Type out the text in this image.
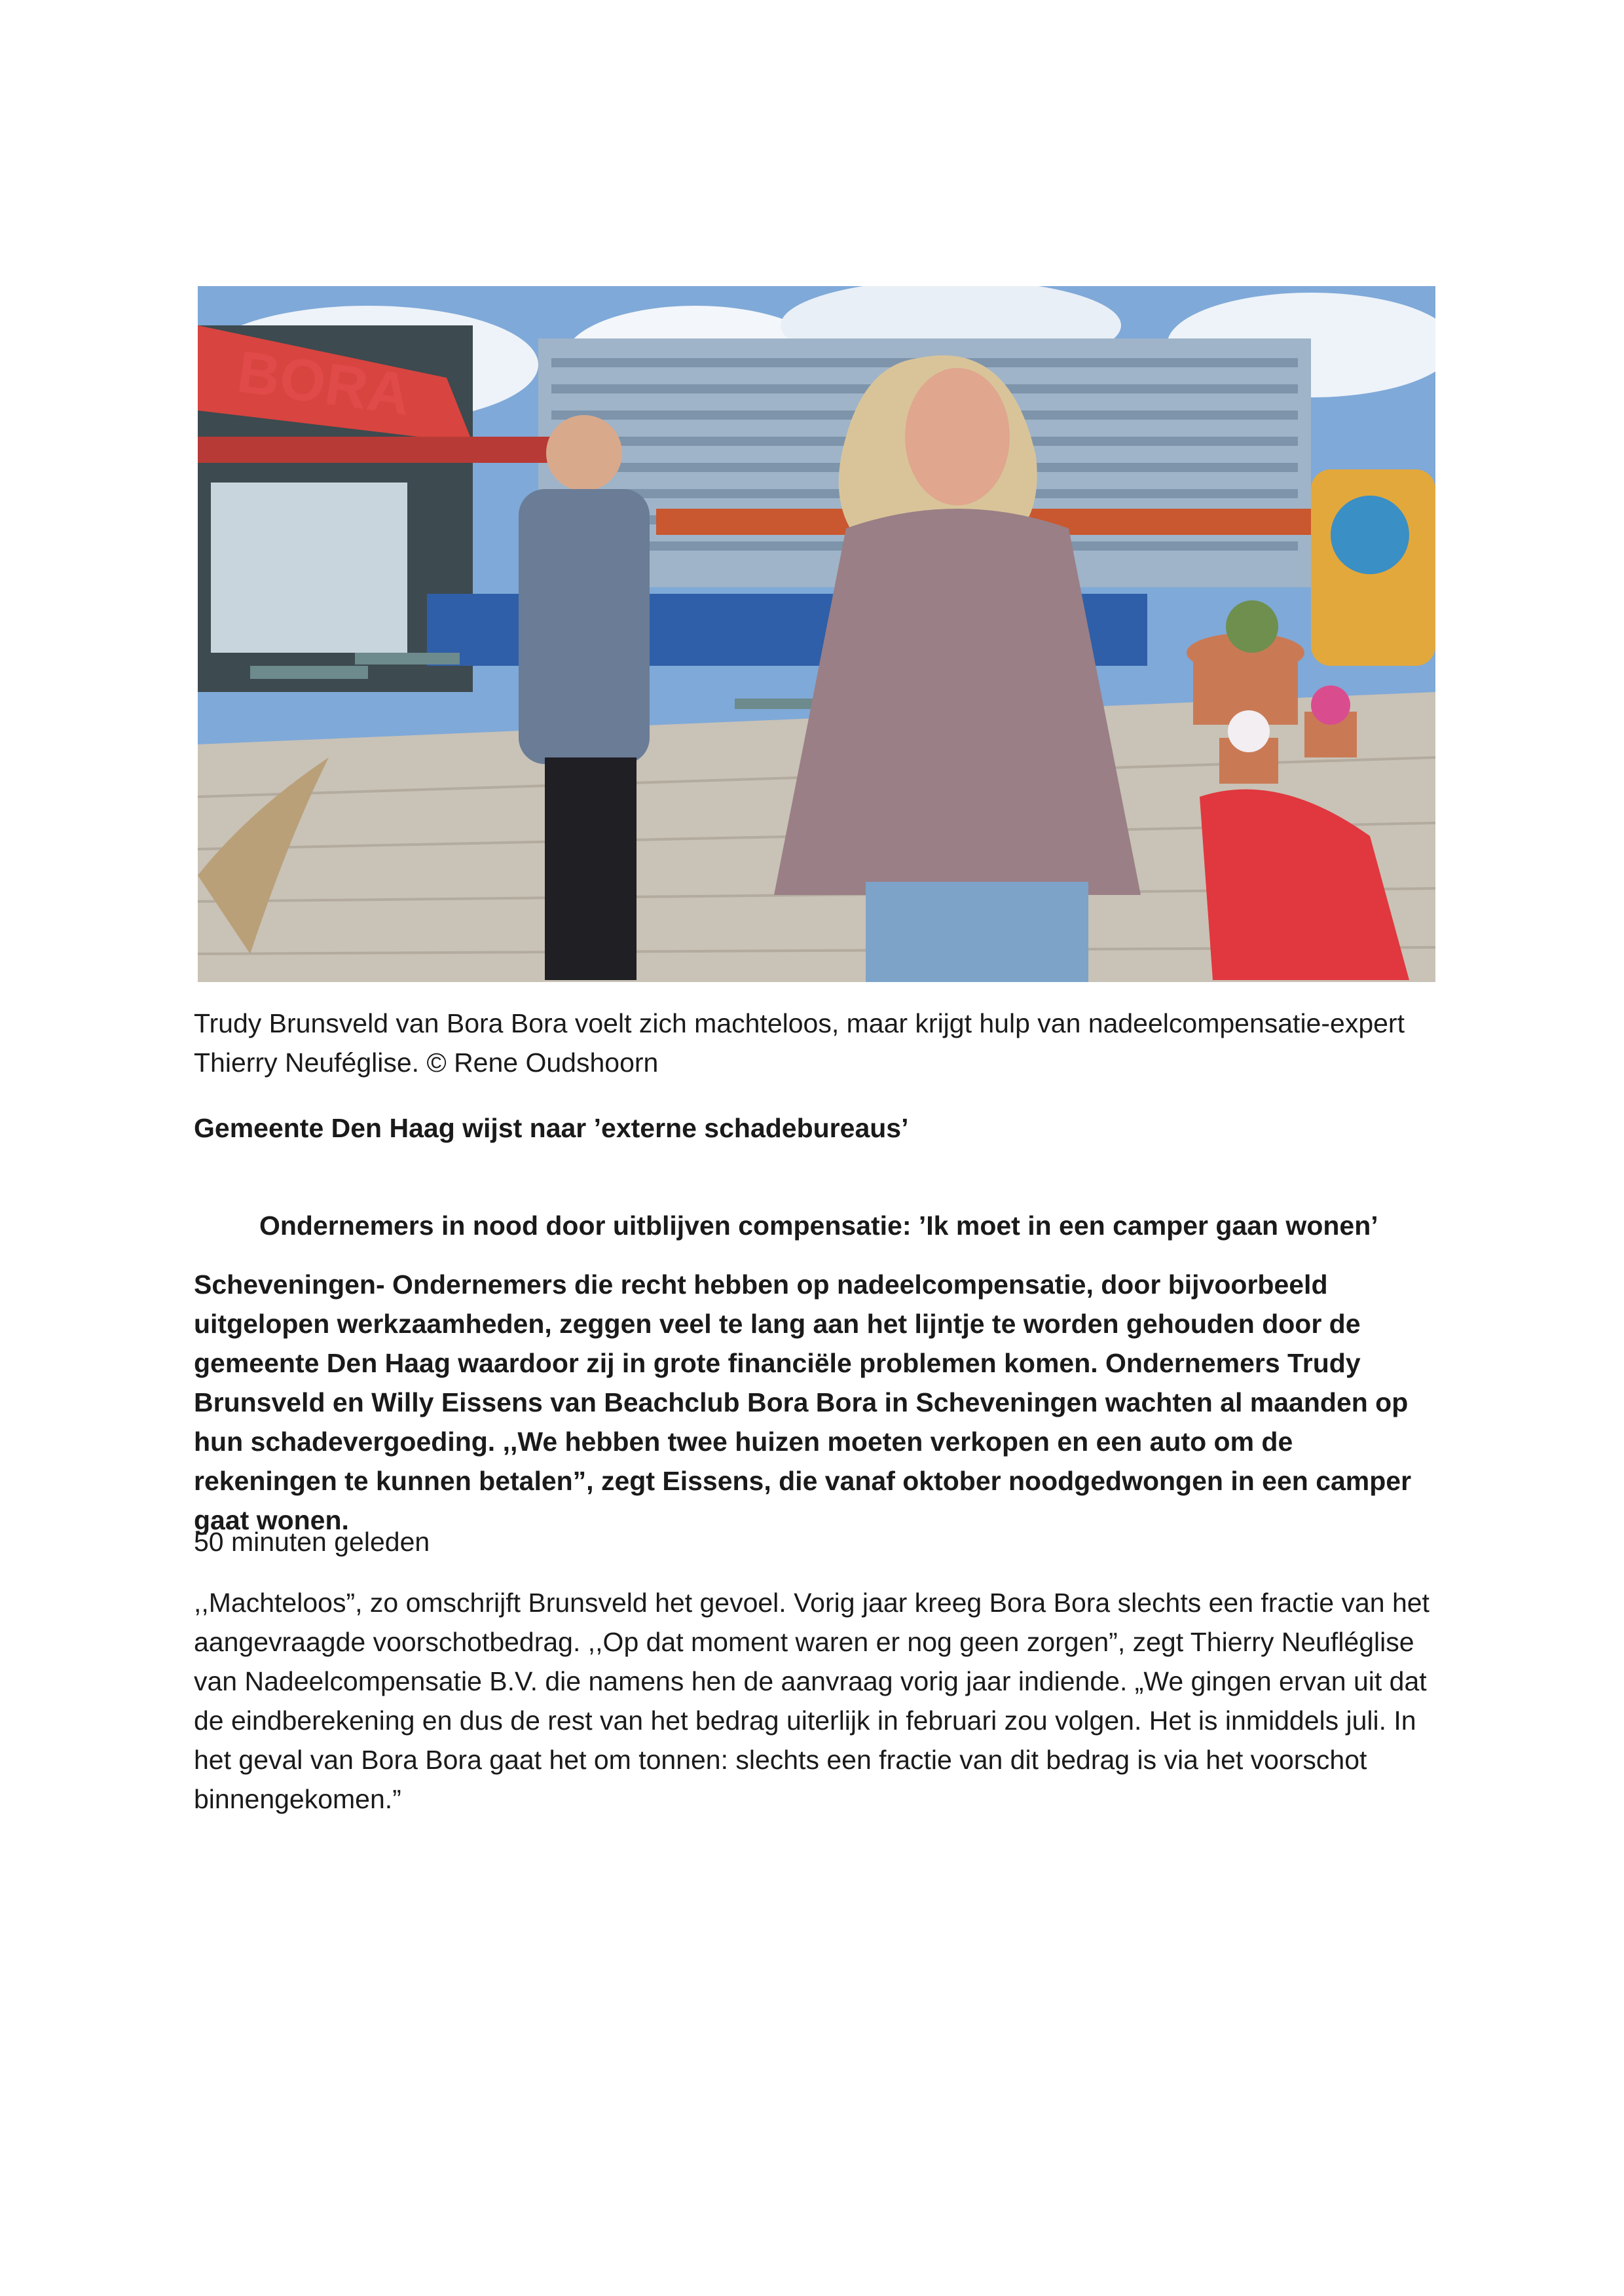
BORA

Trudy Brunsveld van Bora Bora voelt zich machteloos, maar krijgt hulp van nadeelcompensatie-expert Thierry Neuféglise. © Rene Oudshoorn

Gemeente Den Haag wijst naar ’externe schadebureaus’

Ondernemers in nood door uitblijven compensatie: ’Ik moet in een camper gaan wonen’

Scheveningen- Ondernemers die recht hebben op nadeelcompensatie, door bijvoorbeeld uitgelopen werkzaamheden, zeggen veel te lang aan het lijntje te worden gehouden door de gemeente Den Haag waardoor zij in grote financiële problemen komen. Ondernemers Trudy Brunsveld en Willy Eissens van Beachclub Bora Bora in Scheveningen wachten al maanden op hun schadevergoeding. ,,We hebben twee huizen moeten verkopen en een auto om de rekeningen te kunnen betalen”, zegt Eissens, die vanaf oktober noodgedwongen in een camper gaat wonen.

50 minuten geleden

,,Machteloos”, zo omschrijft Brunsveld het gevoel. Vorig jaar kreeg Bora Bora slechts een fractie van het aangevraagde voorschotbedrag. ,,Op dat moment waren er nog geen zorgen”, zegt Thierry Neufléglise van Nadeelcompensatie B.V. die namens hen de aanvraag vorig jaar indiende. „We gingen ervan uit dat de eindberekening en dus de rest van het bedrag uiterlijk in februari zou volgen. Het is inmiddels juli. In het geval van Bora Bora gaat het om tonnen: slechts een fractie van dit bedrag is via het voorschot binnengekomen.”
